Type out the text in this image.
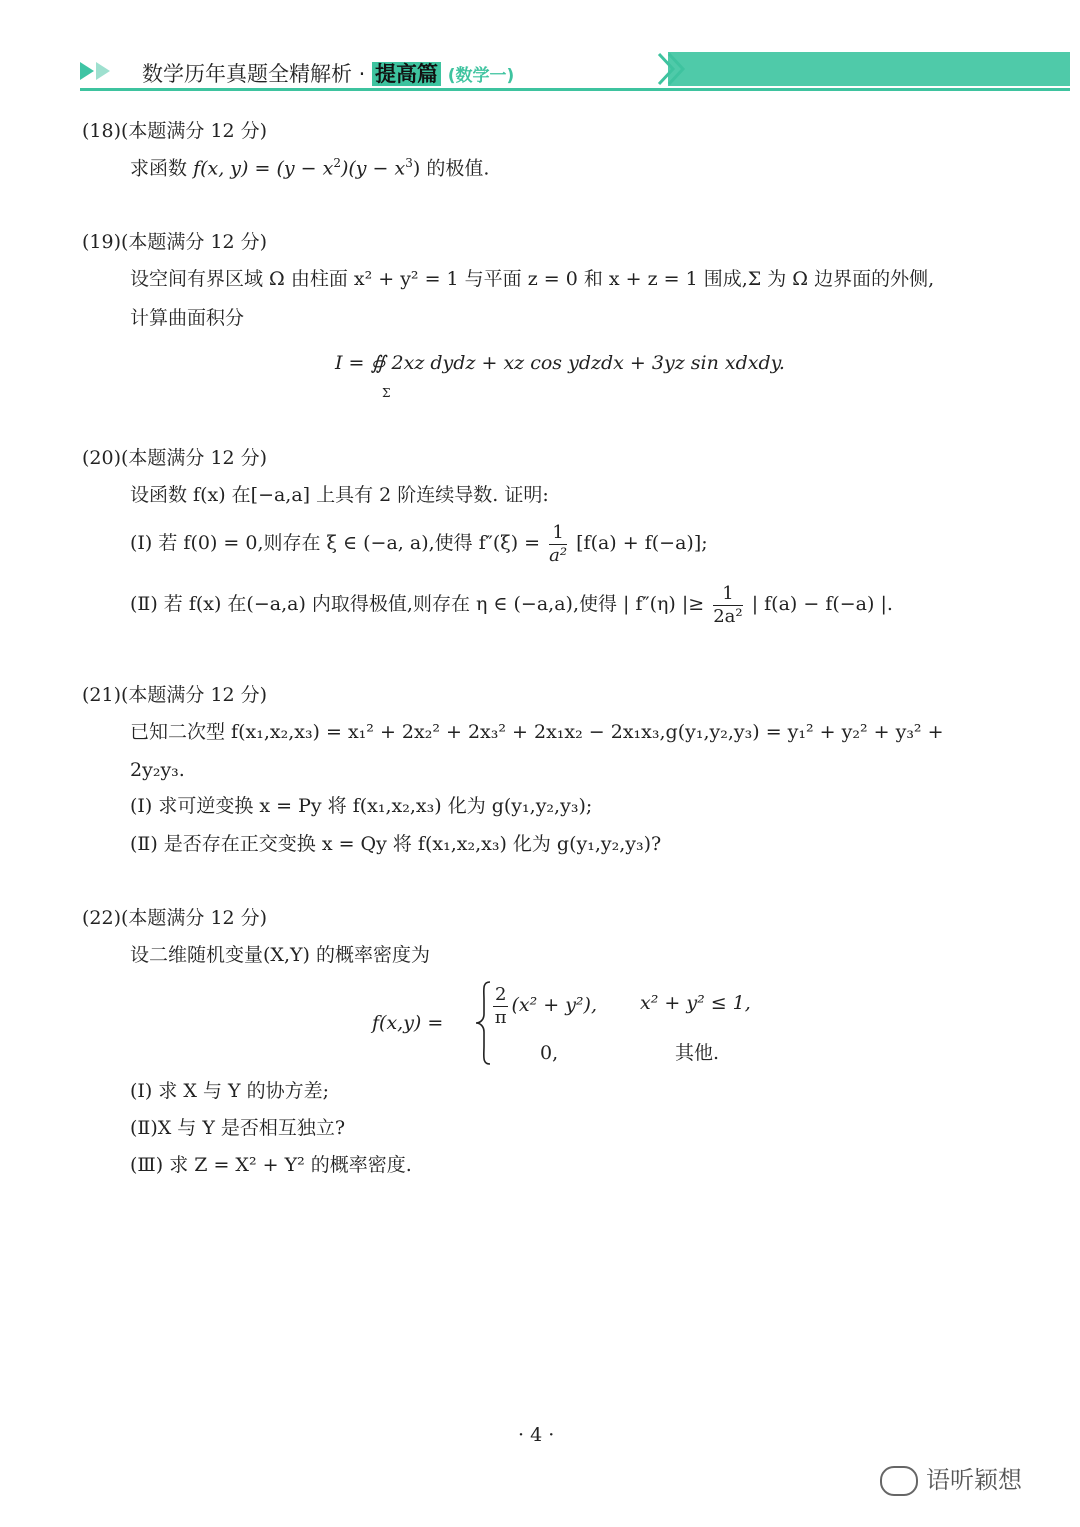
数学历年真题全精解析 · 提高篇 (数学一)
(18)(本题满分 12 分)
求函数 f(x, $y) = (y - x^2)(y - x^3)$ 的极值.
(19)(本题满分 12 分)
设空间有界区域 Ω 由柱面 x² + y² = 1 与平面 z = 0 和 x + z = 1 围成,Σ 为 Ω 边界面的外侧,
计算曲面积分
I = ∯ 2xz dydz + xz cos ydzdx + 3yz sin xdxdy.
Σ
(20)(本题满分 12 分)
设函数 f(x) 在[−a,a] 上具有 2 阶连续导数. 证明:
(Ⅰ) 若 f(0) = 0,则存在 ξ ∈ (−a, a),使得 $f''(\xi) = \frac{1}{\text{a²}} [f(a) + f(-a)]$;
(Ⅱ) 若 f(x) 在(−a,a) 内取得极值,则存在 η ∈ (−a,a),使得 | f″(η) |≥ $\frac{1}{\text{2a²}}$ | f(a) − f(−a) |.
(21)(本题满分 12 分)
已知二次型 f(x₁,x₂,x₃) = x₁² + 2x₂² + 2x₃² + 2x₁x₂ − 2x₁x₃,g(y₁,y₂,y₃) = y₁² + y₂² + y₃² +
2y₂y₃.
(Ⅰ) 求可逆变换 x = Py 将 f(x₁,x₂,x₃) 化为 g(y₁,y₂,y₃);
(Ⅱ) 是否存在正交变换 x = Qy 将 f(x₁,x₂,x₃) 化为 g(y₁,y₂,y₃)?
(22)(本题满分 12 分)
设二维随机变量(X,Y) 的概率密度为
f(x,y) =	$\frac{2}{\pi} (x^2 + y^2)$, x² + y² ≤ 1,
0,	其他.
(Ⅰ) 求 X 与 Y 的协方差;
(Ⅱ)X 与 Y 是否相互独立?
(Ⅲ) 求 Z = X² + Y² 的概率密度.
· 4 ·
语听颖想
